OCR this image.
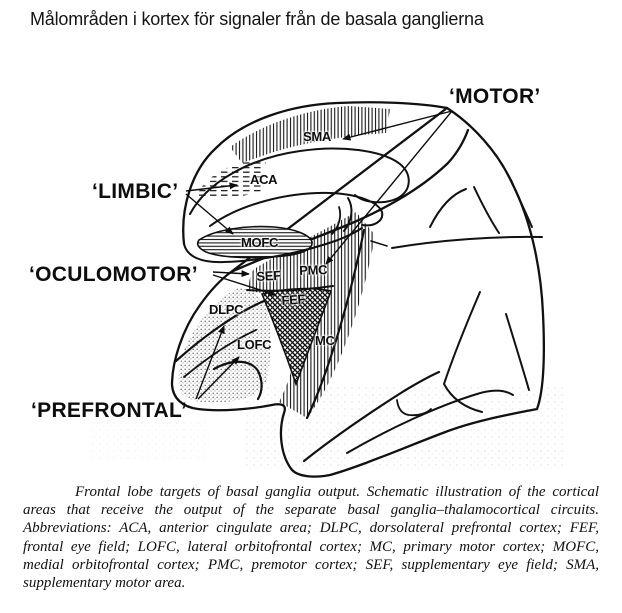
Målområden i kortex för signaler från de basala ganglierna
‘MOTOR’
‘LIMBIC’
‘OCULOMOTOR’
‘PREFRONTAL’
SMA
ACA
MOFC
SEF PMC
FEF
DLPC
LOFC	MC
Frontal lobe targets of basal ganglia output. Schematic illustration of the cortical areas that receive the output of the separate basal ganglia–thalamocortical circuits. Abbreviations: ACA, anterior cingulate area; DLPC, dorsolateral prefrontal cortex; FEF, frontal eye field; LOFC, lateral orbitofrontal cortex; MC, primary motor cortex; MOFC, medial orbitofrontal cortex; PMC, premotor cortex; SEF, supplementary eye field; SMA, supplementary motor area.
